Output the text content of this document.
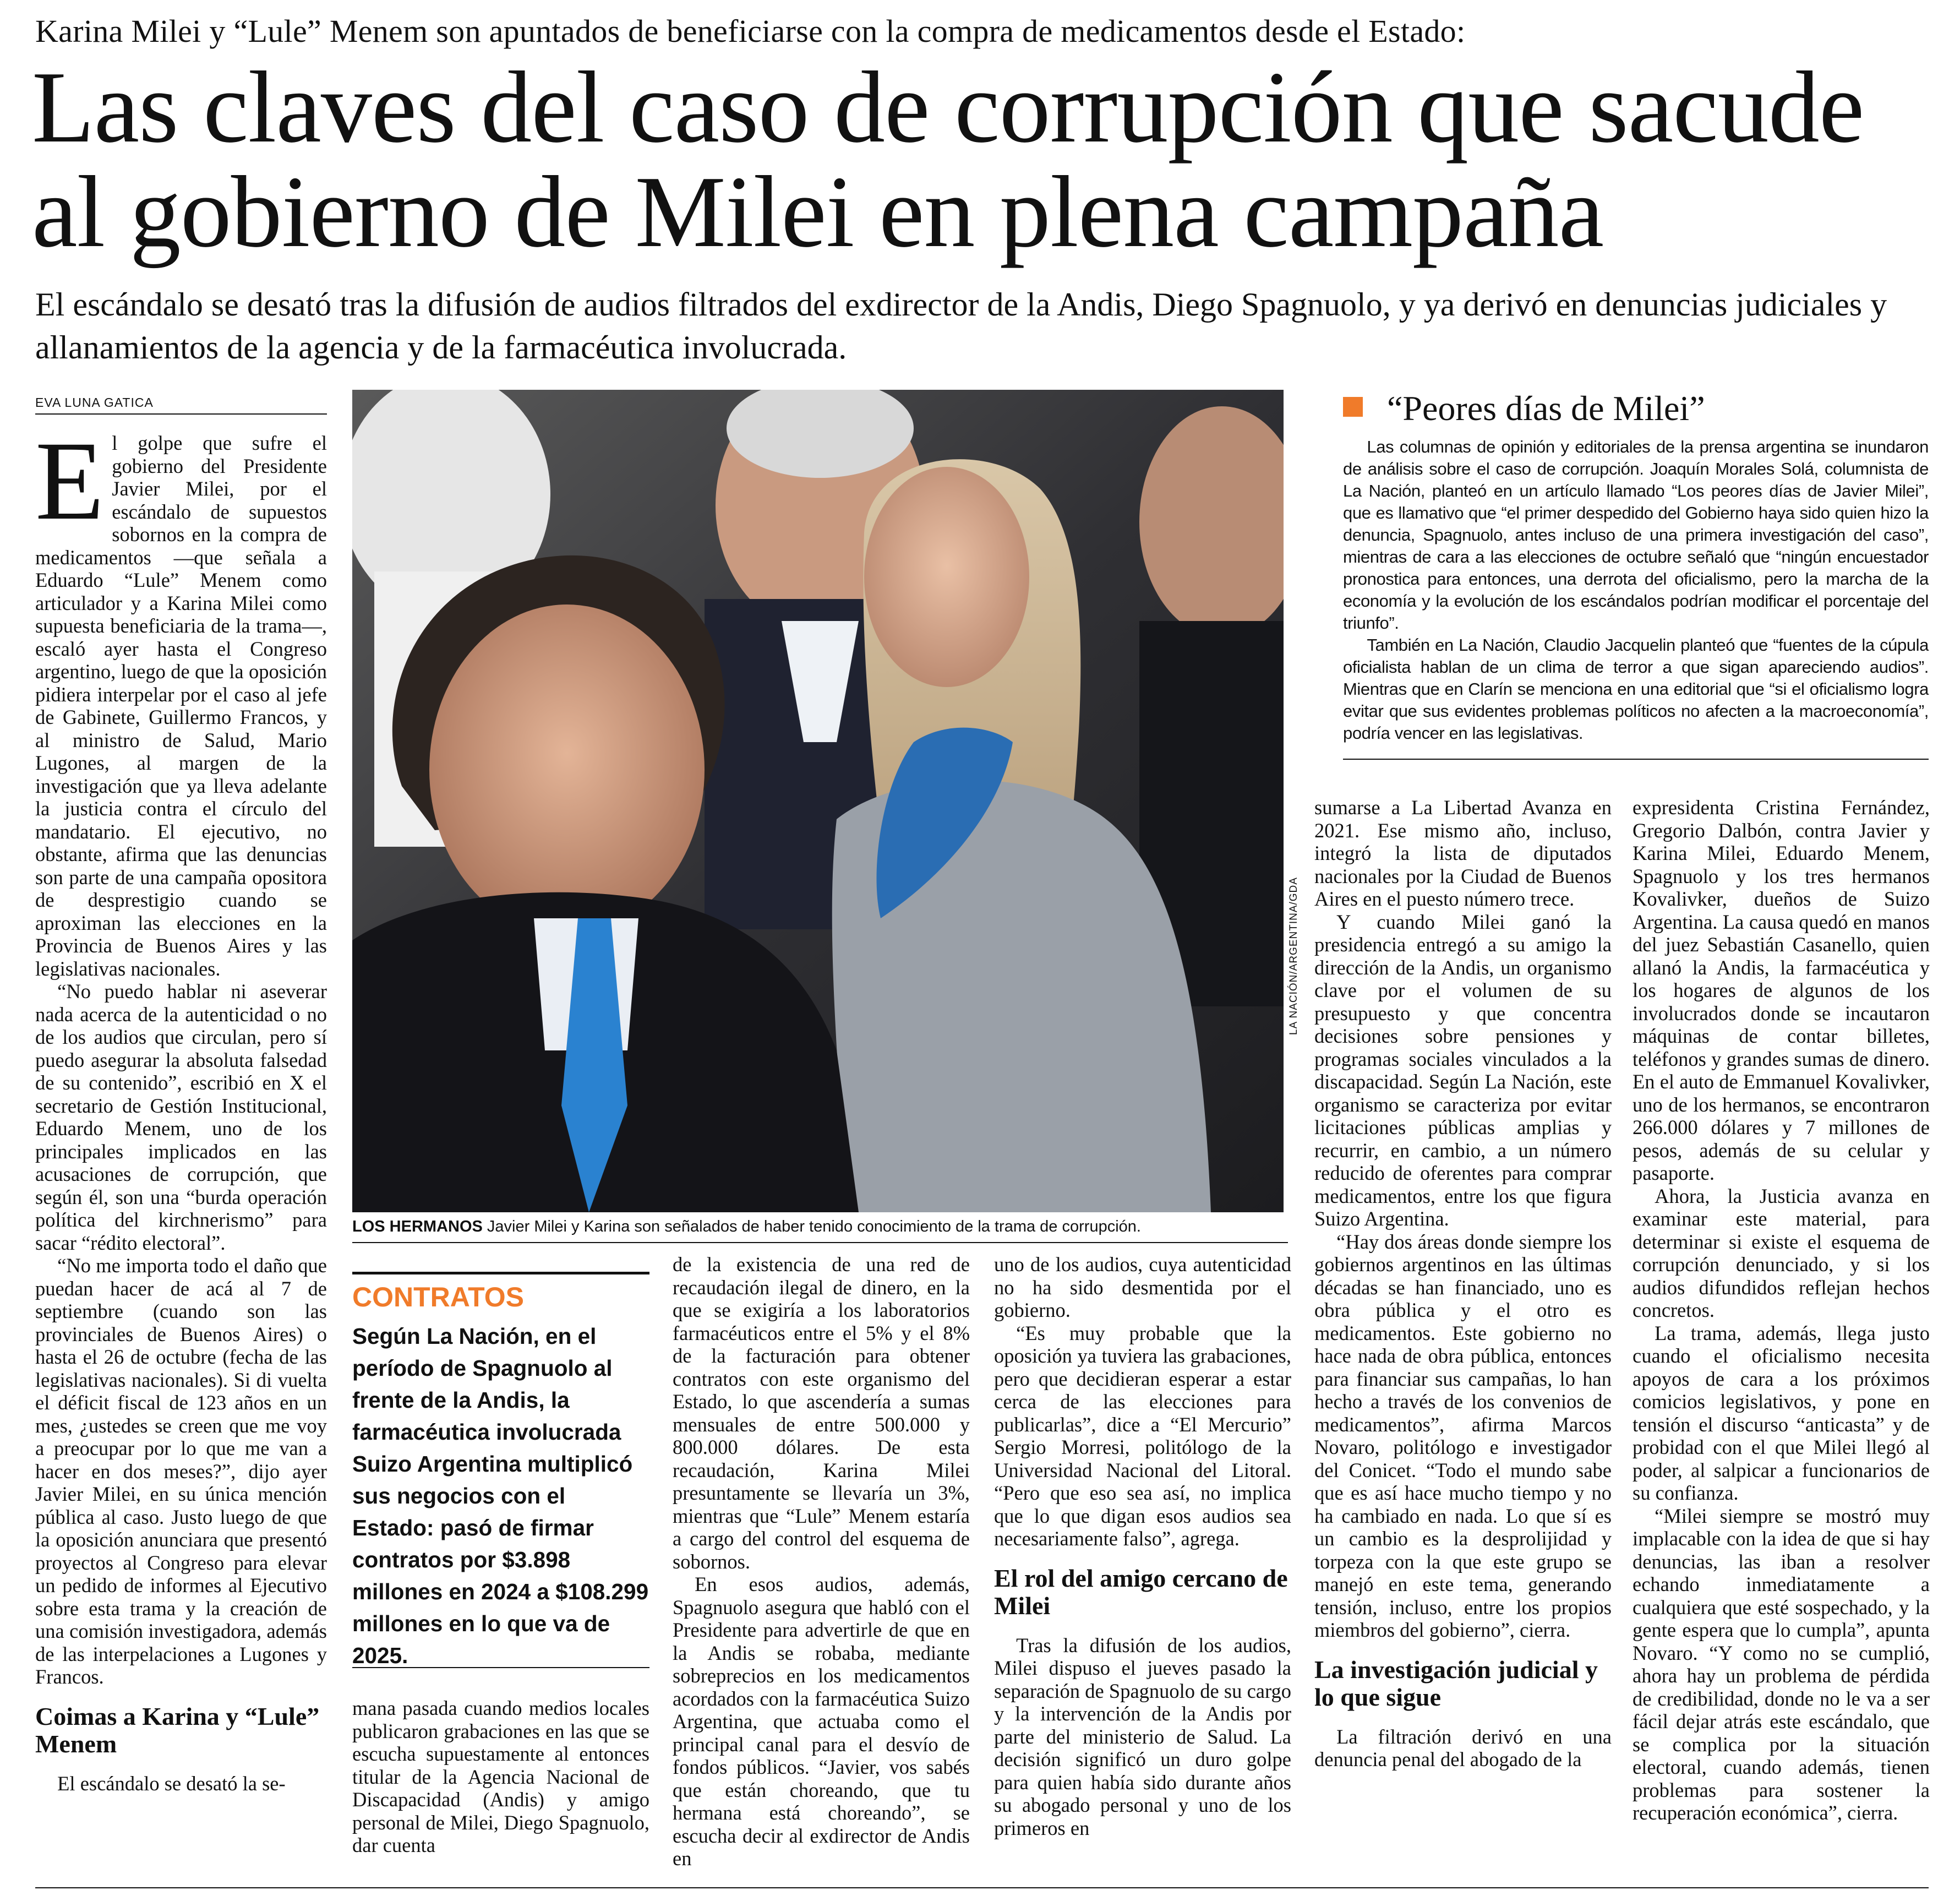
Karina Milei y “Lule” Menem son apuntados de beneficiarse con la compra de medicamentos desde el Estado:
Las claves del caso de corrupción que sacude al gobierno de Milei en plena campaña
El escándalo se desató tras la difusión de audios filtrados del exdirector de la Andis, Diego Spagnuolo, y ya derivó en denuncias judiciales y allanamientos de la agencia y de la farmacéutica involucrada.
EVA LUNA GATICA

El golpe que sufre el gobierno del Presidente Javier Milei, por el escándalo de supuestos sobornos en la compra de medicamentos —que señala a Eduardo “Lule” Menem como articulador y a Karina Milei como supuesta beneficiaria de la trama—, escaló ayer hasta el Congreso argentino, luego de que la oposición pidiera interpelar por el caso al jefe de Gabinete, Guillermo Francos, y al ministro de Salud, Mario Lugones, al margen de la investigación que ya lleva adelante la justicia contra el círculo del mandatario. El ejecutivo, no obstante, afirma que las denuncias son parte de una campaña opositora de desprestigio cuando se aproximan las elecciones en la Provincia de Buenos Aires y las legislativas nacionales.

“No puedo hablar ni aseverar nada acerca de la autenticidad o no de los audios que circulan, pero sí puedo asegurar la absoluta falsedad de su contenido”, escribió en X el secretario de Gestión Institucional, Eduardo Menem, uno de los principales implicados en las acusaciones de corrupción, que según él, son una “burda operación política del kirchnerismo” para sacar “rédito electoral”.

“No me importa todo el daño que puedan hacer de acá al 7 de septiembre (cuando son las provinciales de Buenos Aires) o hasta el 26 de octubre (fecha de las legislativas nacionales). Si di vuelta el déficit fiscal de 123 años en un mes, ¿ustedes se creen que me voy a preocupar por lo que me van a hacer en dos meses?”, dijo ayer Javier Milei, en su única mención pública al caso. Justo luego de que la oposición anunciara que presentó proyectos al Congreso para elevar un pedido de informes al Ejecutivo sobre esta trama y la creación de una comisión investigadora, además de las interpelaciones a Lugones y Francos.

Coimas a Karina y “Lule” Menem

El escándalo se desató la se-

LA NACIÓN/ARGENTINA/GDA
LOS HERMANOS Javier Milei y Karina son señalados de haber tenido conocimiento de la trama de corrupción.
CONTRATOS
Según La Nación, en el período de Spagnuolo al frente de la Andis, la farmacéutica involucrada Suizo Argentina multiplicó sus negocios con el Estado: pasó de firmar contratos por $3.898 millones en 2024 a $108.299 millones en lo que va de 2025.

mana pasada cuando medios locales publicaron grabaciones en las que se escucha supuestamente al entonces titular de la Agencia Nacional de Discapacidad (Andis) y amigo personal de Milei, Diego Spagnuolo, dar cuenta

de la existencia de una red de recaudación ilegal de dinero, en la que se exigiría a los laboratorios farmacéuticos entre el 5% y el 8% de la facturación para obtener contratos con este organismo del Estado, lo que ascendería a sumas mensuales de entre 500.000 y 800.000 dólares. De esta recaudación, Karina Milei presuntamente se llevaría un 3%, mientras que “Lule” Menem estaría a cargo del control del esquema de sobornos.

En esos audios, además, Spagnuolo asegura que habló con el Presidente para advertirle de que en la Andis se robaba, mediante sobreprecios en los medicamentos acordados con la farmacéutica Suizo Argentina, que actuaba como el principal canal para el desvío de fondos públicos. “Javier, vos sabés que están choreando, que tu hermana está choreando”, se escucha decir al exdirector de Andis en

uno de los audios, cuya autenticidad no ha sido desmentida por el gobierno.

“Es muy probable que la oposición ya tuviera las grabaciones, pero que decidieran esperar a estar cerca de las elecciones para publicarlas”, dice a “El Mercurio” Sergio Morresi, politólogo de la Universidad Nacional del Litoral. “Pero que eso sea así, no implica que lo que digan esos audios sea necesariamente falso”, agrega.

El rol del amigo cercano de Milei

Tras la difusión de los audios, Milei dispuso el jueves pasado la separación de Spagnuolo de su cargo y la intervención de la Andis por parte del ministerio de Salud. La decisión significó un duro golpe para quien había sido durante años su abogado personal y uno de los primeros en

“Peores días de Milei”

Las columnas de opinión y editoriales de la prensa argentina se inundaron de análisis sobre el caso de corrupción. Joaquín Morales Solá, columnista de La Nación, planteó en un artículo llamado “Los peores días de Javier Milei”, que es llamativo que “el primer despedido del Gobierno haya sido quien hizo la denuncia, Spagnuolo, antes incluso de una primera investigación del caso”, mientras de cara a las elecciones de octubre señaló que “ningún encuestador pronostica para entonces, una derrota del oficialismo, pero la marcha de la economía y la evolución de los escándalos podrían modificar el porcentaje del triunfo”.

También en La Nación, Claudio Jacquelin planteó que “fuentes de la cúpula oficialista hablan de un clima de terror a que sigan apareciendo audios”. Mientras que en Clarín se menciona en una editorial que “si el oficialismo logra evitar que sus evidentes problemas políticos no afecten a la macroeconomía”, podría vencer en las legislativas.

sumarse a La Libertad Avanza en 2021. Ese mismo año, incluso, integró la lista de diputados nacionales por la Ciudad de Buenos Aires en el puesto número trece.

Y cuando Milei ganó la presidencia entregó a su amigo la dirección de la Andis, un organismo clave por el volumen de su presupuesto y que concentra decisiones sobre pensiones y programas sociales vinculados a la discapacidad. Según La Nación, este organismo se caracteriza por evitar licitaciones públicas amplias y recurrir, en cambio, a un número reducido de oferentes para comprar medicamentos, entre los que figura Suizo Argentina.

“Hay dos áreas donde siempre los gobiernos argentinos en las últimas décadas se han financiado, uno es obra pública y el otro es medicamentos. Este gobierno no hace nada de obra pública, entonces para financiar sus campañas, lo han hecho a través de los convenios de medicamentos”, afirma Marcos Novaro, politólogo e investigador del Conicet. “Todo el mundo sabe que es así hace mucho tiempo y no ha cambiado en nada. Lo que sí es un cambio es la desprolijidad y torpeza con la que este grupo se manejó en este tema, generando tensión, incluso, entre los propios miembros del gobierno”, cierra.

La investigación judicial y lo que sigue

La filtración derivó en una denuncia penal del abogado de la

expresidenta Cristina Fernández, Gregorio Dalbón, contra Javier y Karina Milei, Eduardo Menem, Spagnuolo y los tres hermanos Kovalivker, dueños de Suizo Argentina. La causa quedó en manos del juez Sebastián Casanello, quien allanó la Andis, la farmacéutica y los hogares de algunos de los involucrados donde se incautaron máquinas de contar billetes, teléfonos y grandes sumas de dinero. En el auto de Emmanuel Kovalivker, uno de los hermanos, se encontraron 266.000 dólares y 7 millones de pesos, además de su celular y pasaporte.

Ahora, la Justicia avanza en examinar este material, para determinar si existe el esquema de corrupción denunciado, y si los audios difundidos reflejan hechos concretos.

La trama, además, llega justo cuando el oficialismo necesita apoyos de cara a los próximos comicios legislativos, y pone en tensión el discurso “anticasta” y de probidad con el que Milei llegó al poder, al salpicar a funcionarios de su confianza.

“Milei siempre se mostró muy implacable con la idea de que si hay denuncias, las iban a resolver echando inmediatamente a cualquiera que esté sospechado, y la gente espera que lo cumpla”, apunta Novaro. “Y como no se cumplió, ahora hay un problema de pérdida de credibilidad, donde no le va a ser fácil dejar atrás este escándalo, que se complica por la situación electoral, cuando además, tienen problemas para sostener la recuperación económica”, cierra.
